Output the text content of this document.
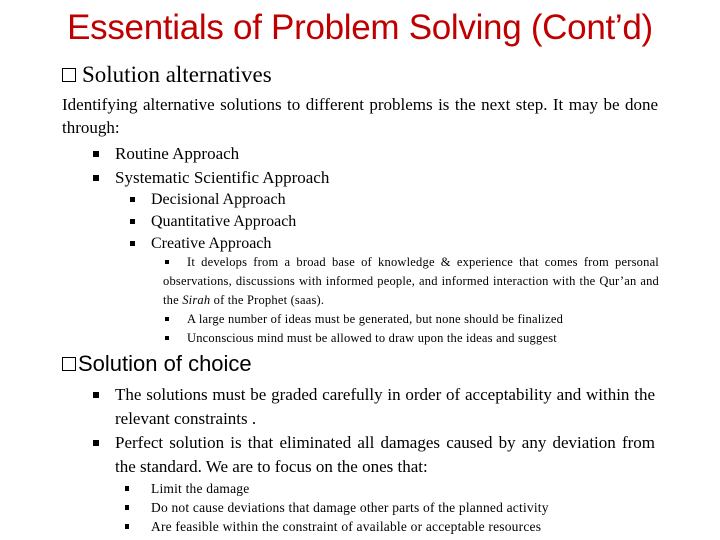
Essentials of Problem Solving (Cont’d)
Solution alternatives
Identifying alternative solutions to different problems is the next step. It may be done through:
Routine Approach
Systematic Scientific Approach
Decisional Approach
Quantitative Approach
Creative Approach
It develops from a broad base of knowledge & experience that comes from personal observations, discussions with informed people, and informed interaction with the Qur’an and the Sirah of the Prophet (saas).
A large number of ideas must be generated, but none should be finalized
Unconscious mind must be allowed to draw upon the ideas and suggest
Solution of choice
The solutions must be graded carefully in order of acceptability and within the relevant constraints .
Perfect solution is that eliminated all damages caused by any deviation from the standard. We are to focus on the ones that:
Limit the damage
Do not cause deviations that damage other parts of the planned activity
Are feasible within the constraint of available or acceptable resources
